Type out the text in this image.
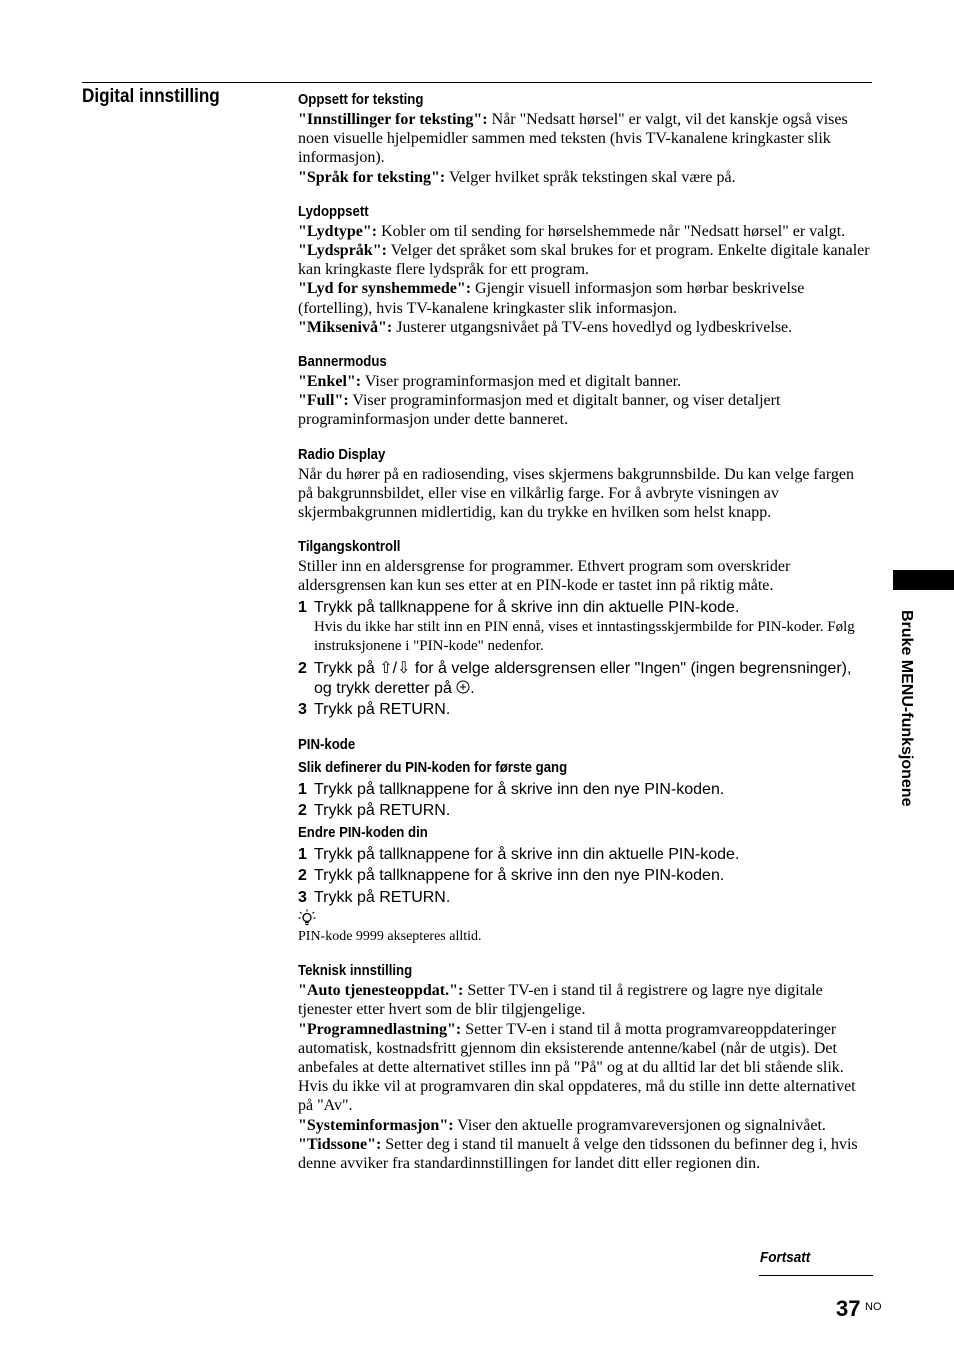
Digital innstilling	Oppsett for teksting

"Innstillinger for teksting": Når "Nedsatt hørsel" er valgt, vil det kanskje også vises noen visuelle hjelpemidler sammen med teksten (hvis TV-kanalene kringkaster slik informasjon).

"Språk for teksting": Velger hvilket språk tekstingen skal være på.

Lydoppsett

"Lydtype": Kobler om til sending for hørselshemmede når "Nedsatt hørsel" er valgt.

"Lydspråk": Velger det språket som skal brukes for et program. Enkelte digitale kanaler kan kringkaste flere lydspråk for ett program.

"Lyd for synshemmede": Gjengir visuell informasjon som hørbar beskrivelse (fortelling), hvis TV-kanalene kringkaster slik informasjon.

"Miksenivå": Justerer utgangsnivået på TV-ens hovedlyd og lydbeskrivelse.

Bannermodus

"Enkel": Viser programinformasjon med et digitalt banner.

"Full": Viser programinformasjon med et digitalt banner, og viser detaljert programinformasjon under dette banneret.

Radio Display

Når du hører på en radiosending, vises skjermens bakgrunnsbilde. Du kan velge fargen på bakgrunnsbildet, eller vise en vilkårlig farge. For å avbryte visningen av skjermbakgrunnen midlertidig, kan du trykke en hvilken som helst knapp.

Tilgangskontroll

Stiller inn en aldersgrense for programmer. Ethvert program som overskrider aldersgrensen kan kun ses etter at en PIN-kode er tastet inn på riktig måte.

1 Trykk på tallknappene for å skrive inn din aktuelle PIN-kode.

Hvis du ikke har stilt inn en PIN ennå, vises et inntastingsskjermbilde for PIN-koder. Følg instruksjonene i "PIN-kode" nedenfor.

2 Trykk på ⇧/⇩ for å velge aldersgrensen eller "Ingen" (ingen begrensninger), og trykk deretter på .
3 Trykk på RETURN.
PIN-kode
Slik definerer du PIN-koden for første gang
1 Trykk på tallknappene for å skrive inn den nye PIN-koden.
2 Trykk på RETURN.
Endre PIN-koden din
1 Trykk på tallknappene for å skrive inn din aktuelle PIN-kode.
2 Trykk på tallknappene for å skrive inn den nye PIN-koden.
3 Trykk på RETURN.

PIN-kode 9999 aksepteres alltid.

Teknisk innstilling

"Auto tjenesteoppdat.": Setter TV-en i stand til å registrere og lagre nye digitale tjenester etter hvert som de blir tilgjengelige.

"Programnedlastning": Setter TV-en i stand til å motta programvareoppdateringer automatisk, kostnadsfritt gjennom din eksisterende antenne/kabel (når de utgis). Det anbefales at dette alternativet stilles inn på "På" og at du alltid lar det bli stående slik. Hvis du ikke vil at programvaren din skal oppdateres, må du stille inn dette alternativet på "Av".

"Systeminformasjon": Viser den aktuelle programvareversjonen og signalnivået.

"Tidssone": Setter deg i stand til manuelt å velge den tidssonen du befinner deg i, hvis denne avviker fra standardinnstillingen for landet ditt eller regionen din.

Bruke MENU-funksjonene
Fortsatt
37 NO
